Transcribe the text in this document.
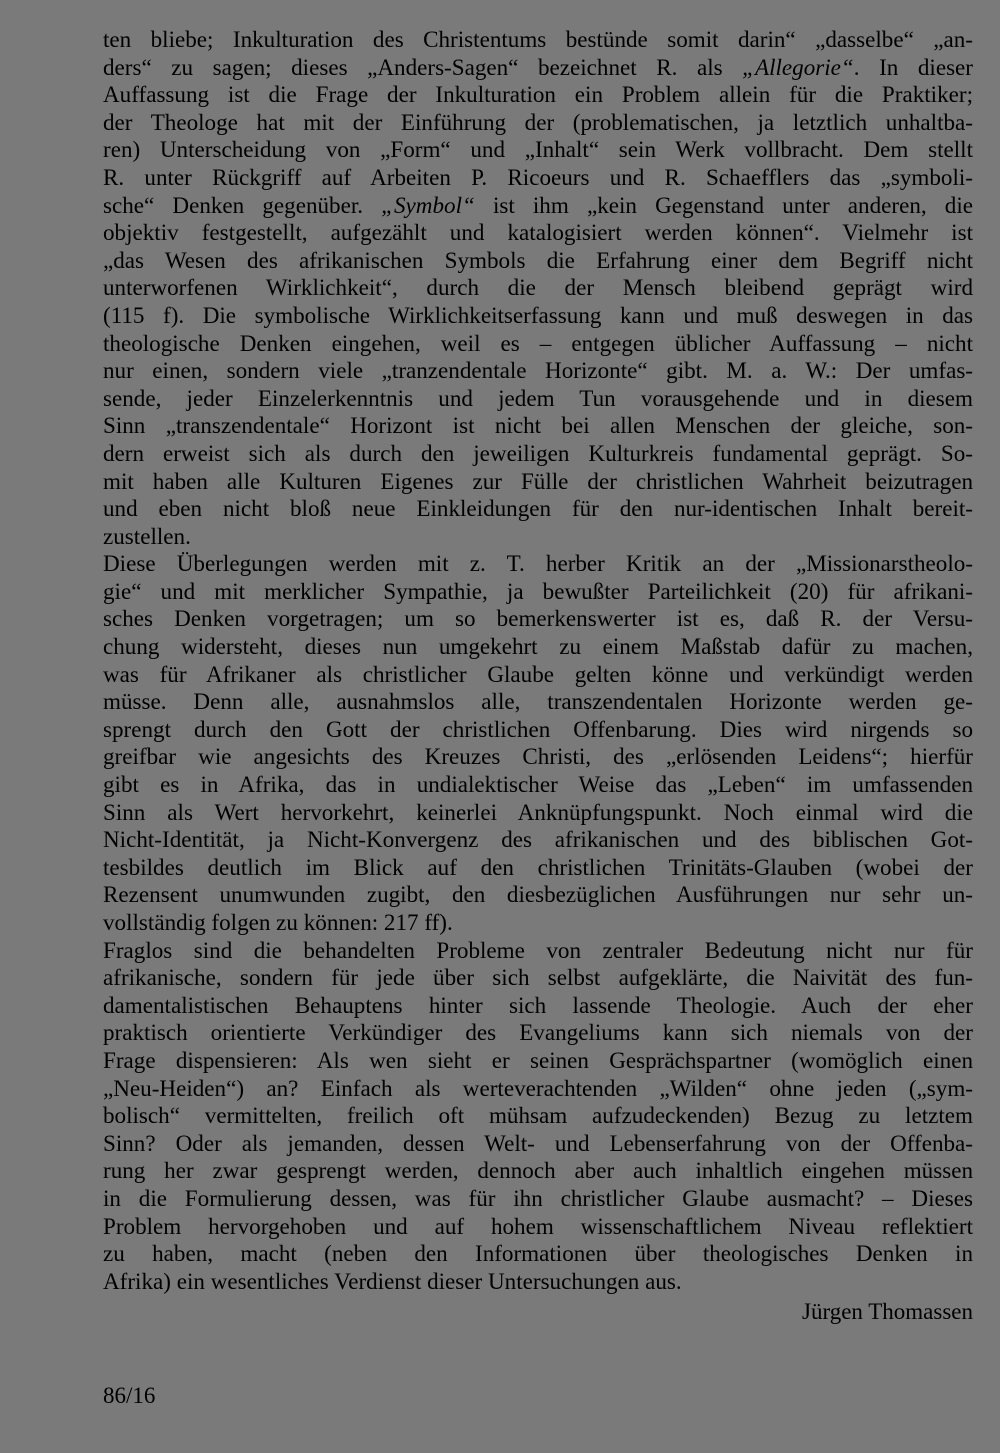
ten bliebe; Inkulturation des Christentums bestünde somit darin“ „dasselbe“ „an-
ders“ zu sagen; dieses „Anders-Sagen“ bezeichnet R. als „Allegorie“. In dieser
Auffassung ist die Frage der Inkulturation ein Problem allein für die Praktiker;
der Theologe hat mit der Einführung der (problematischen, ja letztlich unhaltba-
ren) Unterscheidung von „Form“ und „Inhalt“ sein Werk vollbracht. Dem stellt
R. unter Rückgriff auf Arbeiten P. Ricoeurs und R. Schaefflers das „symboli-
sche“ Denken gegenüber. „Symbol“ ist ihm „kein Gegenstand unter anderen, die
objektiv festgestellt, aufgezählt und katalogisiert werden können“. Vielmehr ist
„das Wesen des afrikanischen Symbols die Erfahrung einer dem Begriff nicht
unterworfenen Wirklichkeit“, durch die der Mensch bleibend geprägt wird
(115 f). Die symbolische Wirklichkeitserfassung kann und muß deswegen in das
theologische Denken eingehen, weil es – entgegen üblicher Auffassung – nicht
nur einen, sondern viele „tranzendentale Horizonte“ gibt. M. a. W.: Der umfas-
sende, jeder Einzelerkenntnis und jedem Tun vorausgehende und in diesem
Sinn „transzendentale“ Horizont ist nicht bei allen Menschen der gleiche, son-
dern erweist sich als durch den jeweiligen Kulturkreis fundamental geprägt. So-
mit haben alle Kulturen Eigenes zur Fülle der christlichen Wahrheit beizutragen
und eben nicht bloß neue Einkleidungen für den nur-identischen Inhalt bereit-
zustellen.
Diese Überlegungen werden mit z. T. herber Kritik an der „Missionarstheolo-
gie“ und mit merklicher Sympathie, ja bewußter Parteilichkeit (20) für afrikani-
sches Denken vorgetragen; um so bemerkenswerter ist es, daß R. der Versu-
chung widersteht, dieses nun umgekehrt zu einem Maßstab dafür zu machen,
was für Afrikaner als christlicher Glaube gelten könne und verkündigt werden
müsse. Denn alle, ausnahmslos alle, transzendentalen Horizonte werden ge-
sprengt durch den Gott der christlichen Offenbarung. Dies wird nirgends so
greifbar wie angesichts des Kreuzes Christi, des „erlösenden Leidens“; hierfür
gibt es in Afrika, das in undialektischer Weise das „Leben“ im umfassenden
Sinn als Wert hervorkehrt, keinerlei Anknüpfungspunkt. Noch einmal wird die
Nicht-Identität, ja Nicht-Konvergenz des afrikanischen und des biblischen Got-
tesbildes deutlich im Blick auf den christlichen Trinitäts-Glauben (wobei der
Rezensent unumwunden zugibt, den diesbezüglichen Ausführungen nur sehr un-
vollständig folgen zu können: 217 ff).
Fraglos sind die behandelten Probleme von zentraler Bedeutung nicht nur für
afrikanische, sondern für jede über sich selbst aufgeklärte, die Naivität des fun-
damentalistischen Behauptens hinter sich lassende Theologie. Auch der eher
praktisch orientierte Verkündiger des Evangeliums kann sich niemals von der
Frage dispensieren: Als wen sieht er seinen Gesprächspartner (womöglich einen
„Neu-Heiden“) an? Einfach als werteverachtenden „Wilden“ ohne jeden („sym-
bolisch“ vermittelten, freilich oft mühsam aufzudeckenden) Bezug zu letztem
Sinn? Oder als jemanden, dessen Welt- und Lebenserfahrung von der Offenba-
rung her zwar gesprengt werden, dennoch aber auch inhaltlich eingehen müssen
in die Formulierung dessen, was für ihn christlicher Glaube ausmacht? – Dieses
Problem hervorgehoben und auf hohem wissenschaftlichem Niveau reflektiert
zu haben, macht (neben den Informationen über theologisches Denken in
Afrika) ein wesentliches Verdienst dieser Untersuchungen aus.
Jürgen Thomassen
86/16
